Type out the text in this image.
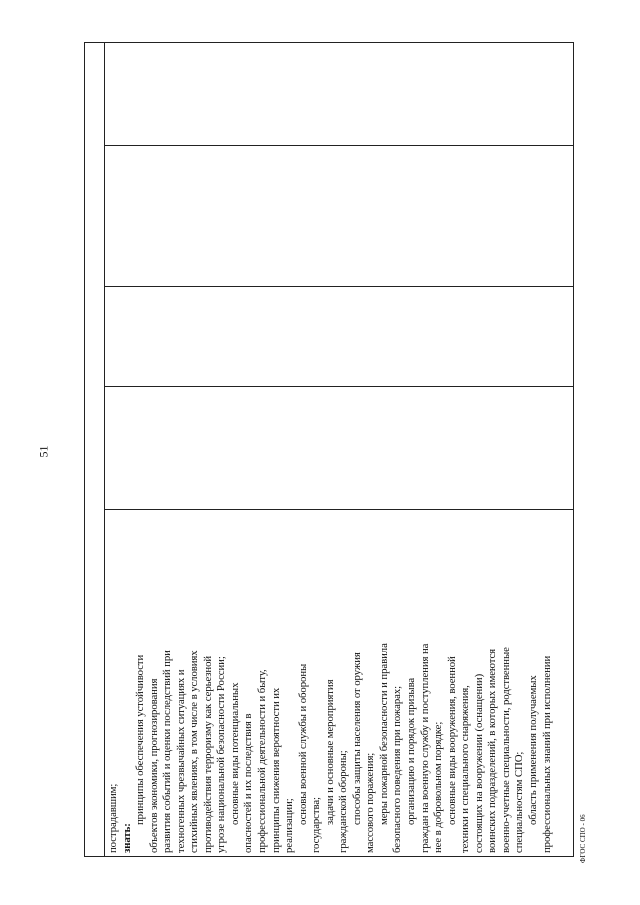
51
пострадавшим; знать:
принципы обеспечения устойчивости объектов экономики, прогнозирования развития событий и оценки последствий при техногенных чрезвычайных ситуациях и стихийных явлениях, в том числе в условиях противодействия терроризму как серьезной угрозе национальной безопасности России; основные виды потенциальных опасностей и их последствия в профессиональной деятельности и быту, принципы снижения вероятности их реализации;
основы военной службы и обороны
государства;
задачи и основные мероприятия гражданской обороны; способы защиты населения от оружия массового поражения; меры пожарной безопасности и правила безопасного поведения при пожарах; организацию и порядок призыва граждан на военную службу и поступления на нее в добровольном порядке; основные виды вооружения, военной техники и специального снаряжения, состоящих на вооружении (оснащении) воинских подразделений, в которых имеются военно-учетные специальности, родственные специальностям СПО; область применения получаемых профессиональных знаний при исполнении	ФГОС СПО - 06
